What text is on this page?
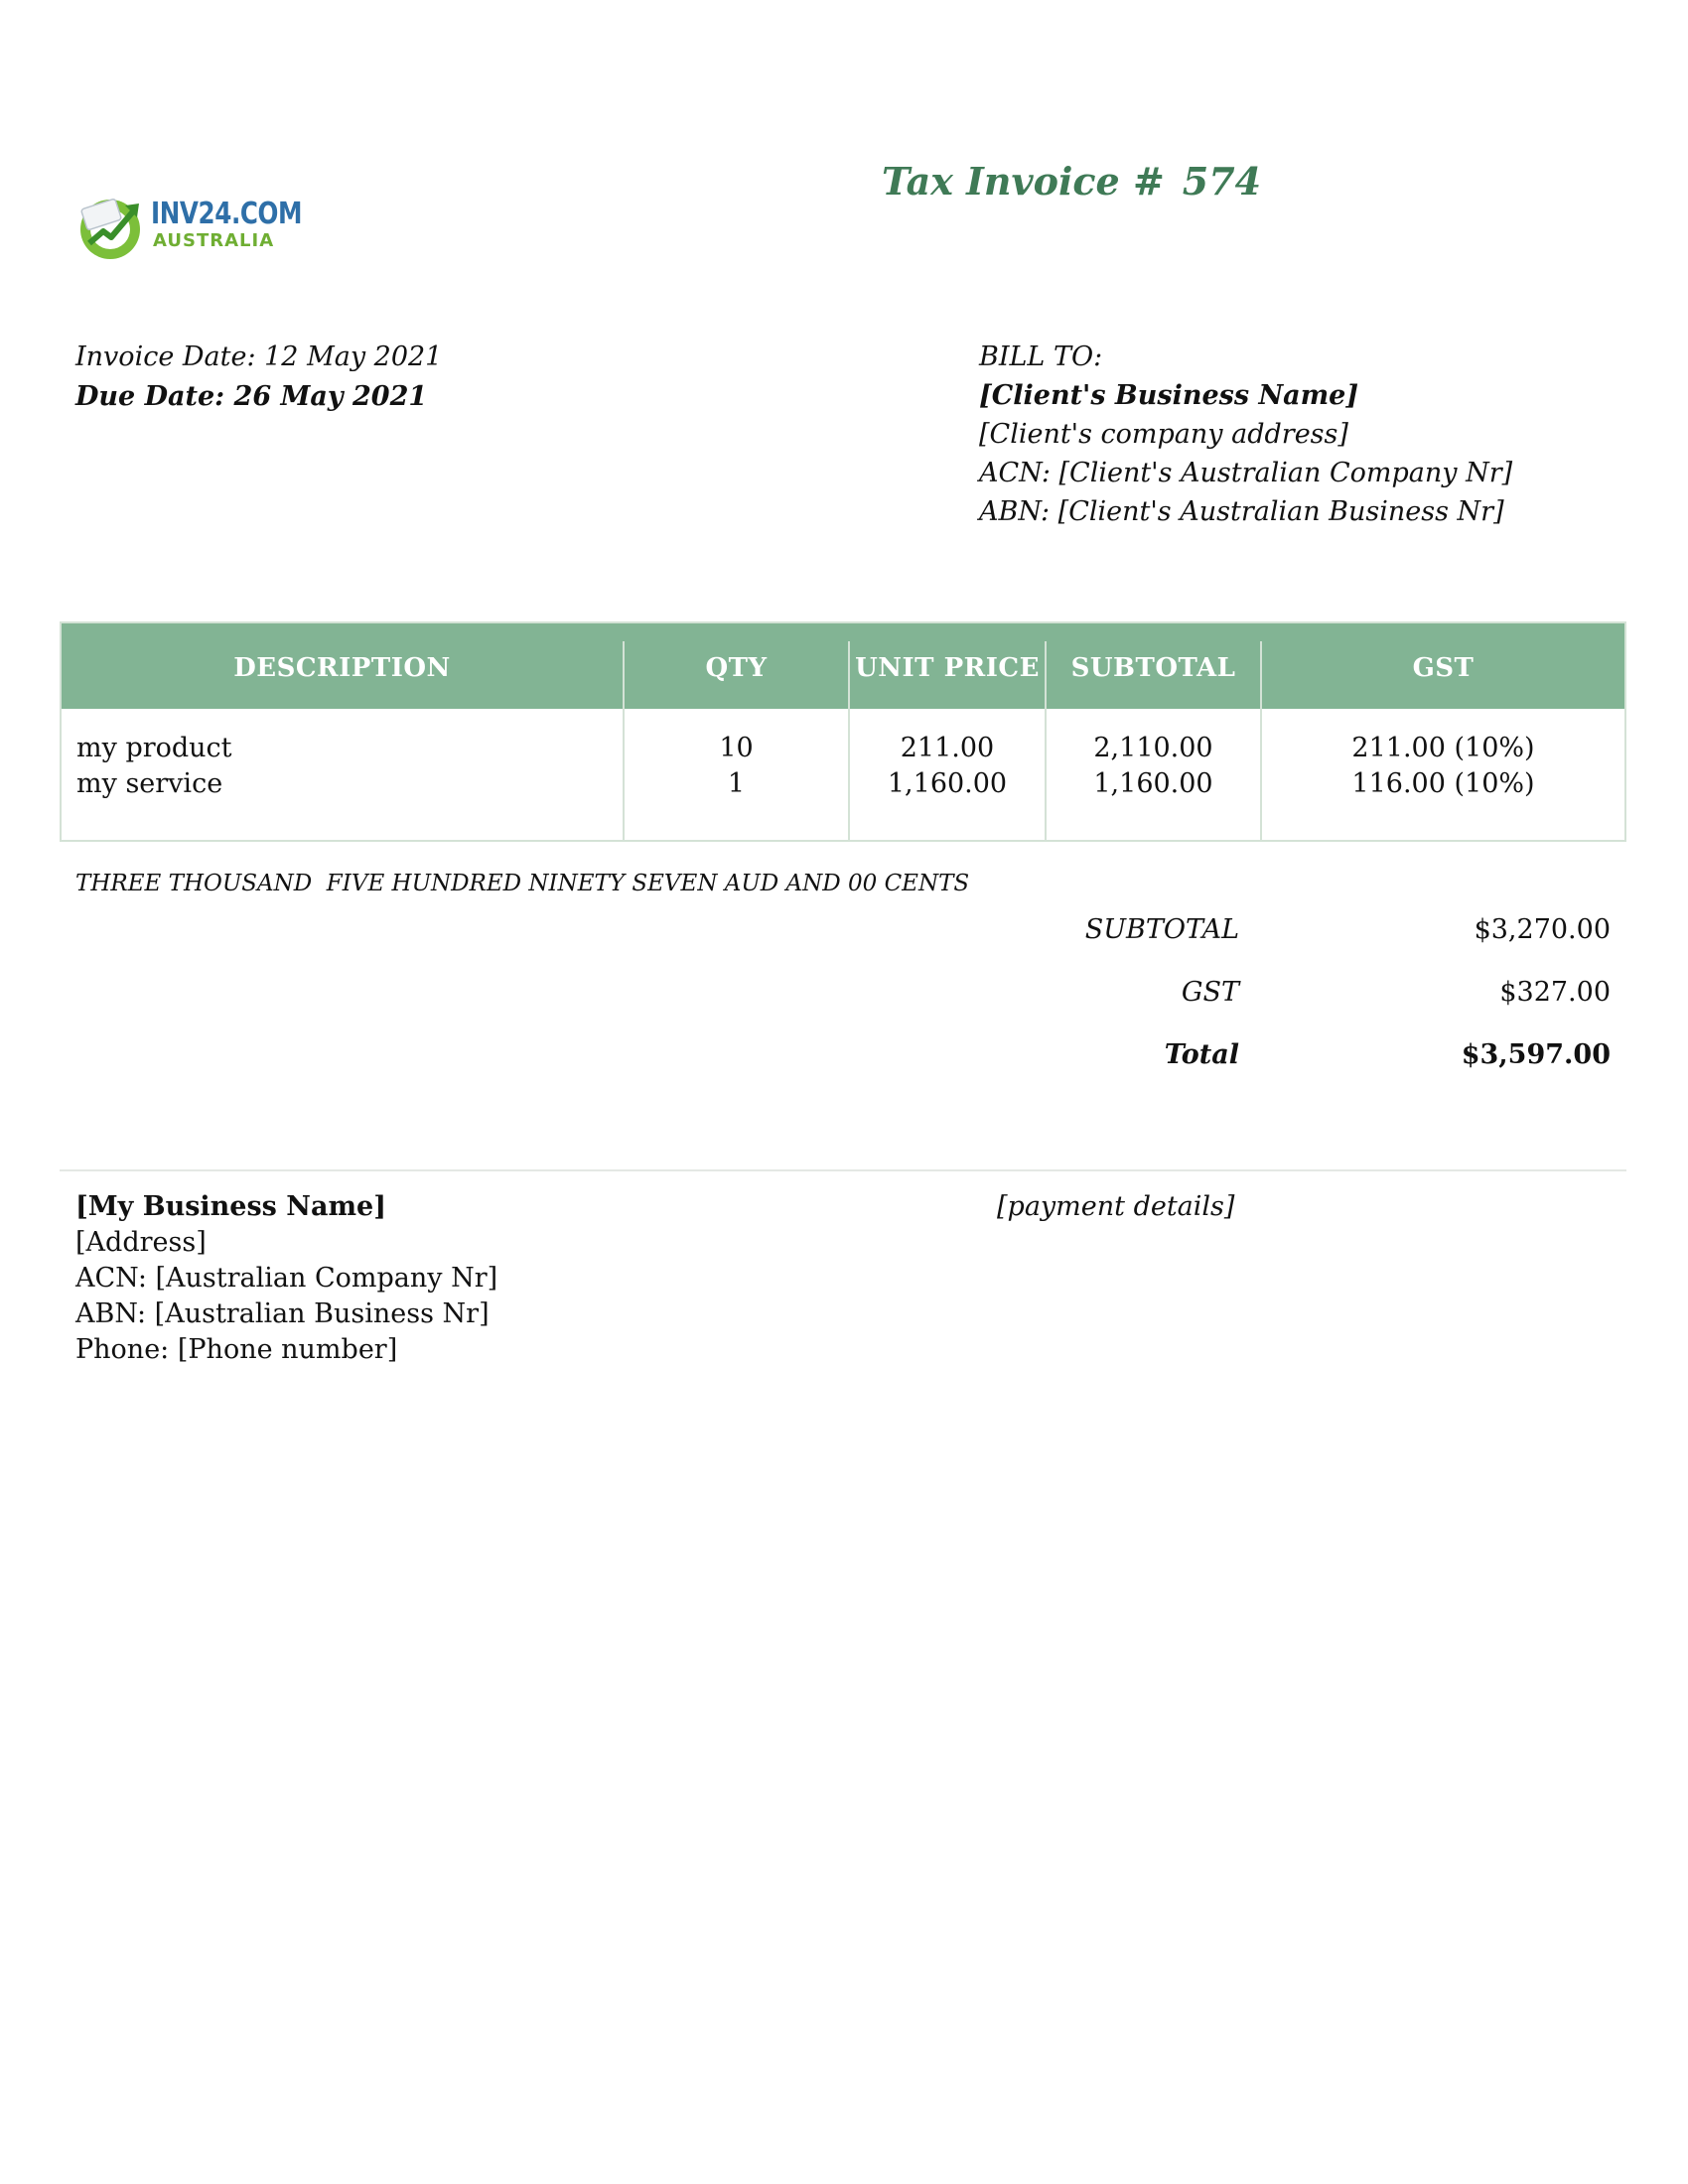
INV24.COM
AUSTRALIA
Tax Invoice # 574
Invoice Date: 12 May 2021
Due Date: 26 May 2021
BILL TO:
[Client's Business Name]
[Client's company address]
ACN: [Client's Australian Company Nr]
ABN: [Client's Australian Business Nr]
DESCRIPTION
my product
my service
QTY
10
1
UNIT PRICE
211.00
1,160.00
SUBTOTAL
2,110.00
1,160.00
GST
211.00 (10%)
116.00 (10%)
THREE THOUSAND  FIVE HUNDRED NINETY SEVEN AUD AND 00 CENTS
SUBTOTAL
GST
Total
$3,270.00
$327.00
$3,597.00
[My Business Name]
[Address]
ACN: [Australian Company Nr]
ABN: [Australian Business Nr]
Phone: [Phone number]
[payment details]
